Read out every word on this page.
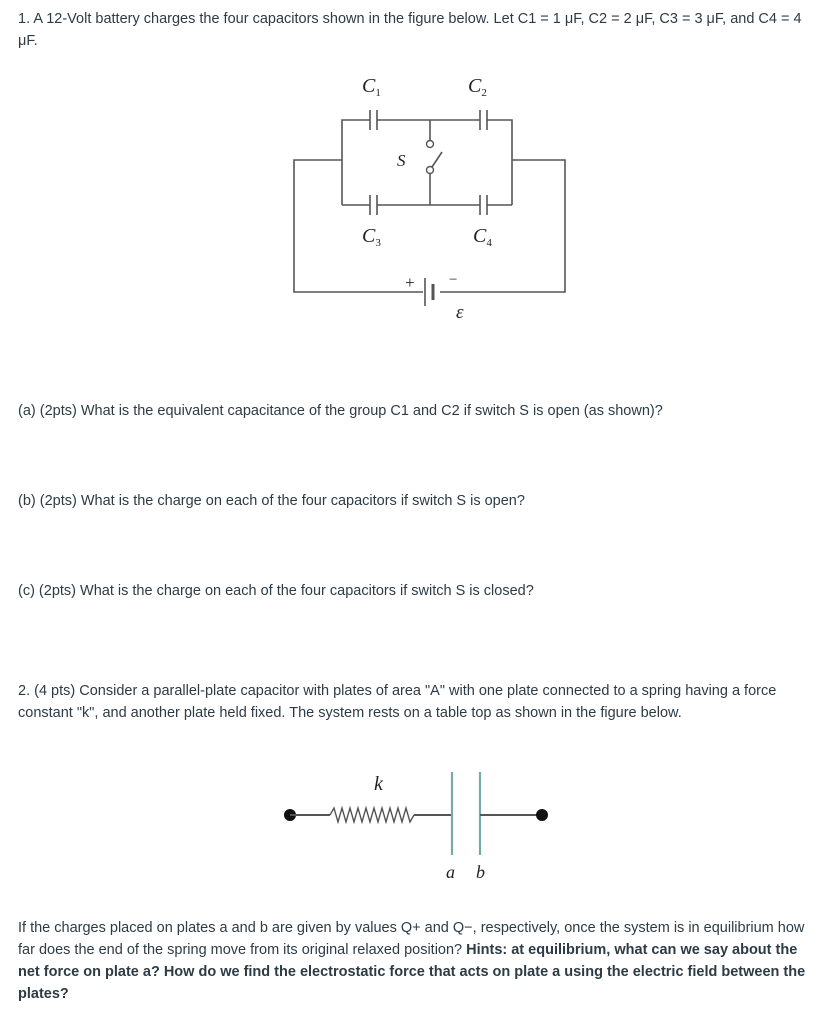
1. A 12-Volt battery charges the four capacitors shown in the figure below. Let C1 = 1 μF, C2 = 2 μF, C3 = 3 μF, and C4 = 4 μF.
$C_1$	$C_2$
$C_3$	$C_4$
S
+ −
ε
(a) (2pts) What is the equivalent capacitance of the group C1 and C2 if switch S is open (as shown)?
(b) (2pts) What is the charge on each of the four capacitors if switch S is open?
(c) (2pts) What is the charge on each of the four capacitors if switch S is closed?
2. (4 pts) Consider a parallel-plate capacitor with plates of area "A" with one plate connected to a spring having a force constant "k", and another plate held fixed. The system rests on a table top as shown in the figure below.
k
a b
If the charges placed on plates a and b are given by values Q+ and Q−, respectively, once the system is in equilibrium how far does the end of the spring move from its original relaxed position? Hints: at equilibrium, what can we say about the net force on plate a? How do we find the electrostatic force that acts on plate a using the electric field between the plates?
